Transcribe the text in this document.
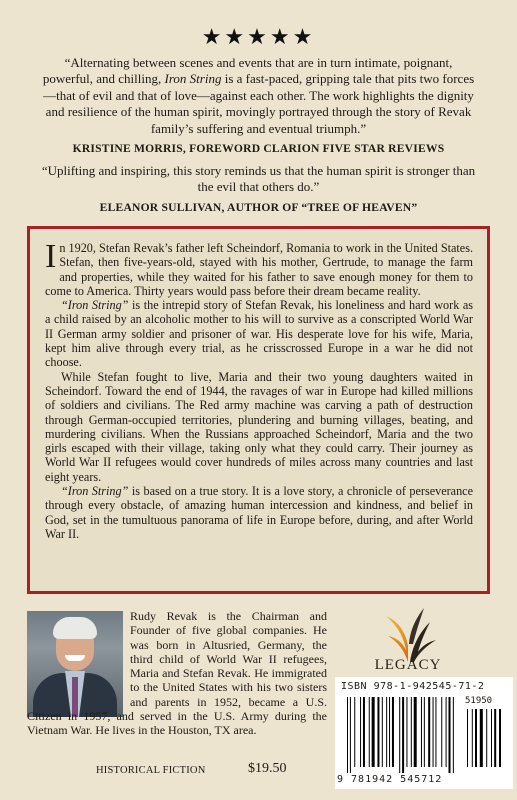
★★★★★

“Alternating between scenes and events that are in turn intimate, poignant, powerful, and chilling, Iron String is a fast-paced, gripping tale that pits two forces—that of evil and that of love—against each other. The work highlights the dignity and resilience of the human spirit, movingly portrayed through the story of Revak family’s suffering and eventual triumph.”

KRISTINE MORRIS, FOREWORD CLARION FIVE STAR REVIEWS

“Uplifting and inspiring, this story reminds us that the human spirit is stronger than the evil that others do.”

ELEANOR SULLIVAN, AUTHOR OF “TREE OF HEAVEN”

In 1920, Stefan Revak’s father left Scheindorf, Romania to work in the United States. Stefan, then five-years-old, stayed with his mother, Gertrude, to manage the farm and properties, while they waited for his father to save enough money for them to come to America. Thirty years would pass before their dream became reality.

“Iron String” is the intrepid story of Stefan Revak, his loneliness and hard work as a child raised by an alcoholic mother to his will to survive as a conscripted World War II German army soldier and prisoner of war. His desperate love for his wife, Maria, kept him alive through every trial, as he crisscrossed Europe in a war he did not choose.

While Stefan fought to live, Maria and their two young daughters waited in Scheindorf. Toward the end of 1944, the ravages of war in Europe had killed millions of soldiers and civilians. The Red army machine was carving a path of destruction through German-occupied territories, plundering and burning villages, beating, and murdering civilians. When the Russians approached Scheindorf, Maria and the two girls escaped with their village, taking only what they could carry. Their journey as World War II refugees would cover hundreds of miles across many countries and last eight years.

“Iron String” is based on a true story. It is a love story, a chronicle of perseverance through every obstacle, of amazing human intercession and kindness, and belief in God, set in the tumultuous panorama of life in Europe before, during, and after World War II.

Rudy Revak is the Chairman and Founder of five global companies. He was born in Altusried, Germany, the third child of World War II refugees, Maria and Stefan Revak. He immigrated to the United States with his two sisters and parents in 1952, became a U.S. Citizen in 1957, and served in the U.S. Army during the Vietnam War. He lives in the Houston, TX area.
HISTORICAL FICTION	$19.50
LEGACY
ISBN 978-1-942545-71-2
51950
9 781942 545712
